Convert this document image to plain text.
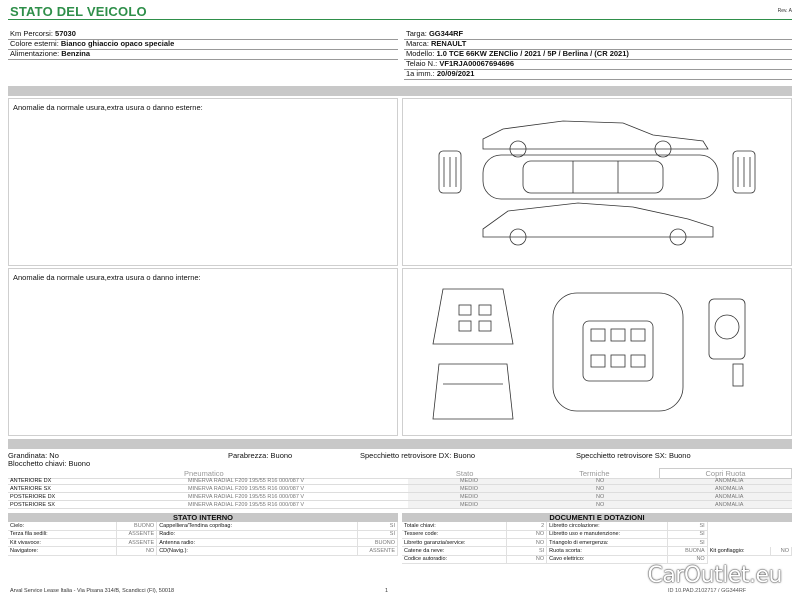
STATO DEL VEICOLO	Rev. A
Km Percorsi: 57030
Colore esterni: Bianco ghiaccio opaco speciale
Alimentazione: Benzina
Targa: GG344RF
Marca: RENAULT
Modello: 1.0 TCE 66KW ZENClio / 2021 / 5P / Berlina / (CR 2021)
Telaio N.: VF1RJA00067694696
1a imm.: 20/09/2021
Anomalie da normale usura,extra usura o danno esterne:
Anomalie da normale usura,extra usura o danno interne:
Grandinata: No	Parabrezza: Buono	Specchietto retrovisore DX: Buono	Specchietto retrovisore SX: Buono
Blocchetto chiavi: Buono
Pneumatico	Stato	Termiche	Copri Ruota
ANTERIORE DX	MINERVA RADIAL F209 195/55 R16 000/087 V	MEDIO	NO	ANOMALIA
ANTERIORE SX	MINERVA RADIAL F209 195/55 R16 000/087 V	MEDIO	NO	ANOMALIA
POSTERIORE DX	MINERVA RADIAL F209 195/55 R16 000/087 V	MEDIO	NO	ANOMALIA
POSTERIORE SX	MINERVA RADIAL F209 195/55 R16 000/087 V	MEDIO	NO	ANOMALIA
STATO INTERNO
Cielo:	BUONO	Cappelliera/Tendina copribag:	SI
Terza fila sedili:	ASSENTE	Radio:	SI
Kit vivavoce:	ASSENTE	Antenna radio:	BUONO
Navigatore:	NO	CD(Navig.):	ASSENTE
DOCUMENTI E DOTAZIONI
Totale chiavi:	2	Libretto circolazione:	SI		
Tessere code:	NO	Libretto uso e manutenzione:	SI		
Libretto garanzia/service:	NO	Triangolo di emergenza:	SI		
Catene da neve:	SI	Ruota scorta:	BUONA	Kit gonfiaggio:	NO
Codice autoradio:	NO	Cavo elettrico:	NO		
Arval Service Lease Italia - Via Pisana 314/B, Scandicci (FI), 50018	1	ID 10.PAD.2102717 / GG344RF
CarOutlet.eu
